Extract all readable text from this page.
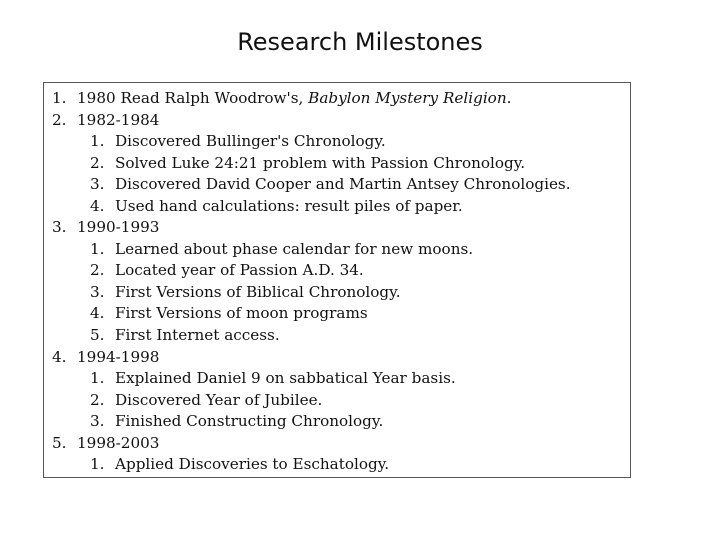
Research Milestones
1. 1980 Read Ralph Woodrow's, Babylon Mystery Religion.
2. 1982-1984
1. Discovered Bullinger's Chronology.
2. Solved Luke 24:21 problem with Passion Chronology.
3. Discovered David Cooper and Martin Antsey Chronologies.
4. Used hand calculations: result piles of paper.
3. 1990-1993
1. Learned about phase calendar for new moons.
2. Located year of Passion A.D. 34.
3. First Versions of Biblical Chronology.
4. First Versions of moon programs
5. First Internet access.
4. 1994-1998
1. Explained Daniel 9 on sabbatical Year basis.
2. Discovered Year of Jubilee.
3. Finished Constructing Chronology.
5. 1998-2003
1. Applied Discoveries to Eschatology.
